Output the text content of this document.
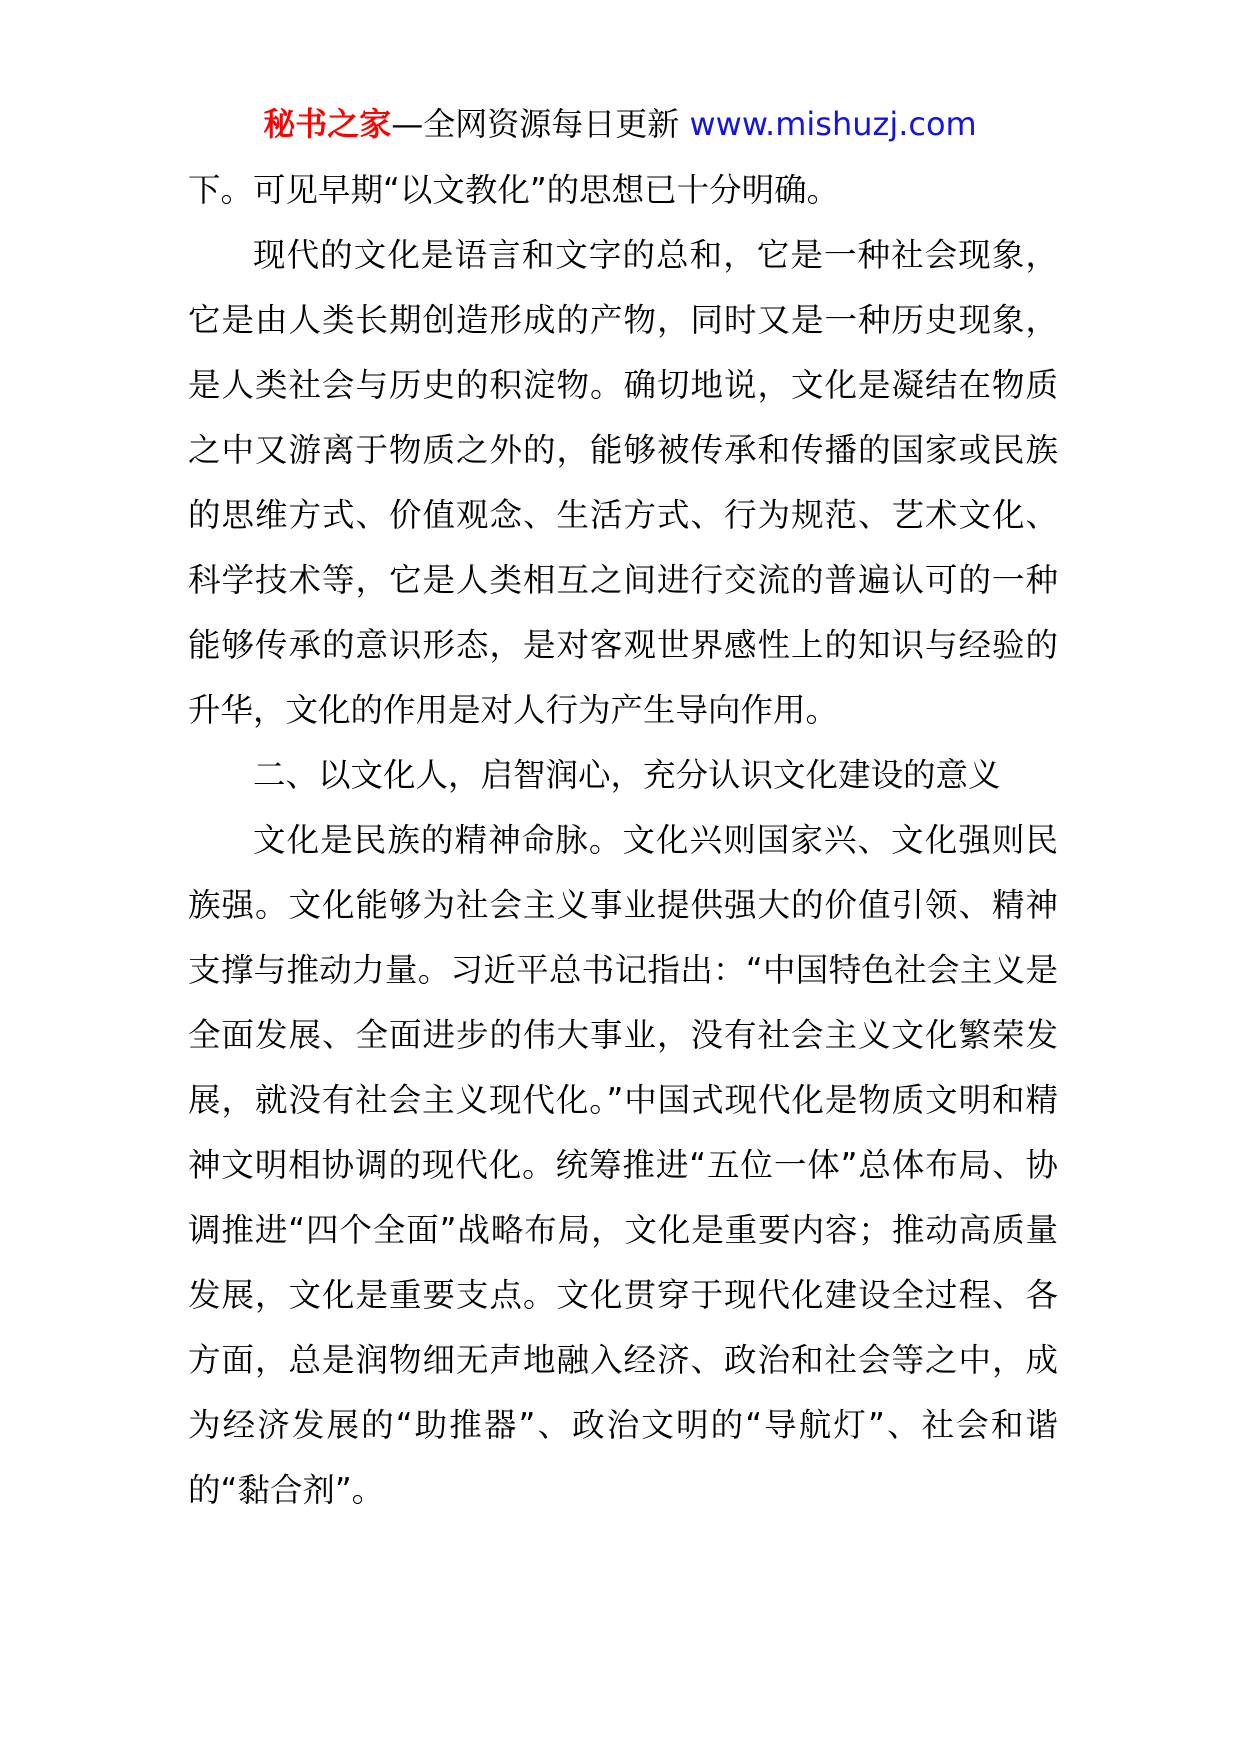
秘书之家—全网资源每日更新 www.mishuzj.com

下。可见早期“以文教化”的思想已十分明确。

现代的文化是语言和文字的总和，它是一种社会现象，它是由人类长期创造形成的产物，同时又是一种历史现象，是人类社会与历史的积淀物。确切地说，文化是凝结在物质之中又游离于物质之外的，能够被传承和传播的国家或民族的思维方式、价值观念、生活方式、行为规范、艺术文化、科学技术等，它是人类相互之间进行交流的普遍认可的一种能够传承的意识形态，是对客观世界感性上的知识与经验的升华，文化的作用是对人行为产生导向作用。

二、以文化人，启智润心，充分认识文化建设的意义

文化是民族的精神命脉。文化兴则国家兴、文化强则民族强。文化能够为社会主义事业提供强大的价值引领、精神支撑与推动力量。习近平总书记指出：“中国特色社会主义是全面发展、全面进步的伟大事业，没有社会主义文化繁荣发展，就没有社会主义现代化。”中国式现代化是物质文明和精神文明相协调的现代化。统筹推进“五位一体”总体布局、协调推进“四个全面”战略布局，文化是重要内容；推动高质量发展，文化是重要支点。文化贯穿于现代化建设全过程、各方面，总是润物细无声地融入经济、政治和社会等之中，成为经济发展的“助推器”、政治文明的“导航灯”、社会和谐的“黏合剂”。
